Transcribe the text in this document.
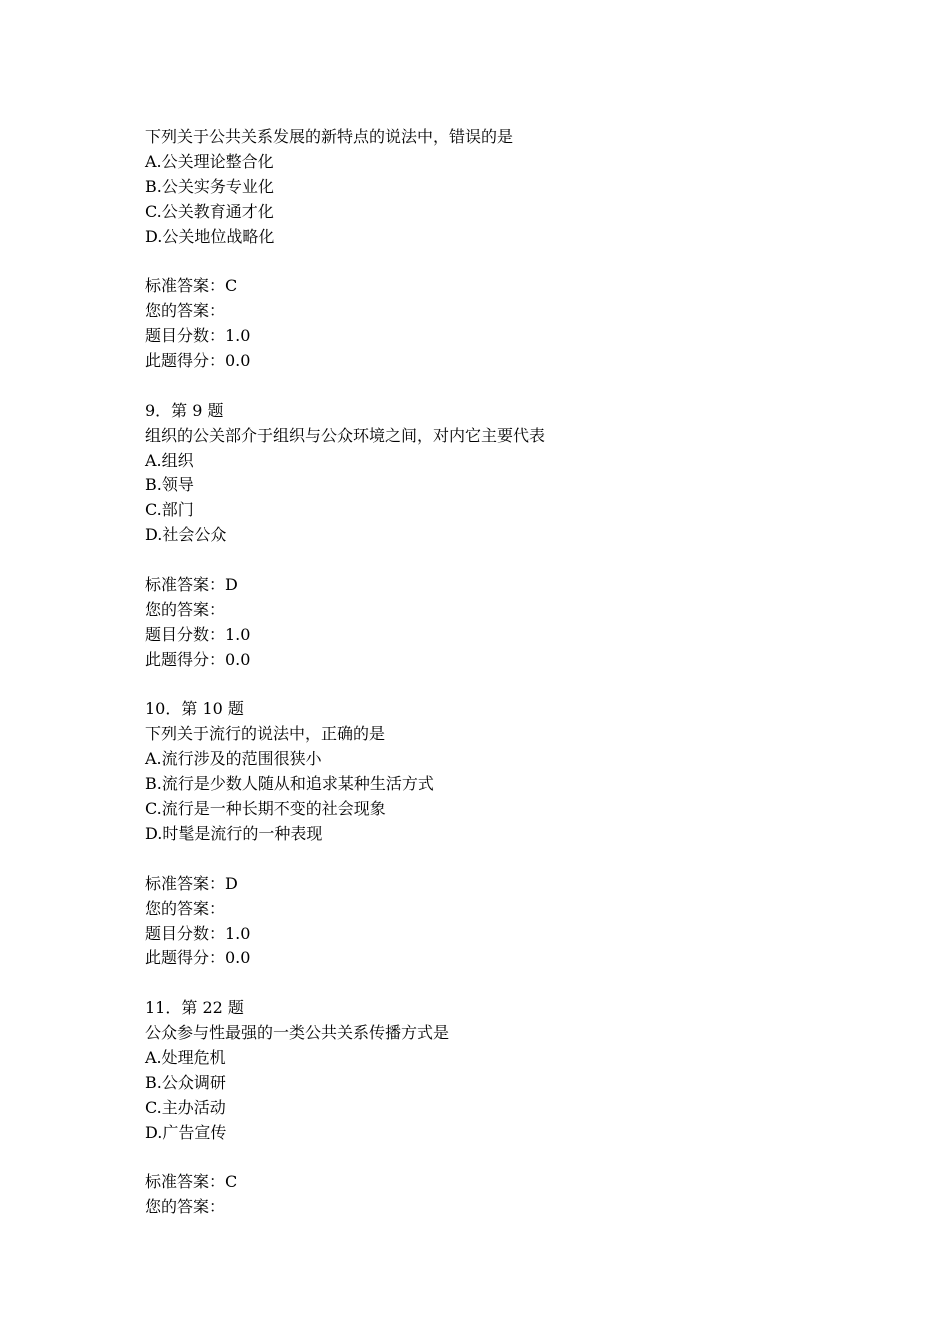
下列关于公共关系发展的新特点的说法中，错误的是
A.公关理论整合化
B.公关实务专业化
C.公关教育通才化
D.公关地位战略化
标准答案：C
您的答案：
题目分数：1.0
此题得分：0.0
9．第 9 题
组织的公关部介于组织与公众环境之间，对内它主要代表
A.组织
B.领导
C.部门
D.社会公众
标准答案：D
您的答案：
题目分数：1.0
此题得分：0.0
10．第 10 题
下列关于流行的说法中，正确的是
A.流行涉及的范围很狭小
B.流行是少数人随从和追求某种生活方式
C.流行是一种长期不变的社会现象
D.时髦是流行的一种表现
标准答案：D
您的答案：
题目分数：1.0
此题得分：0.0
11．第 22 题
公众参与性最强的一类公共关系传播方式是
A.处理危机
B.公众调研
C.主办活动
D.广告宣传
标准答案：C
您的答案：
